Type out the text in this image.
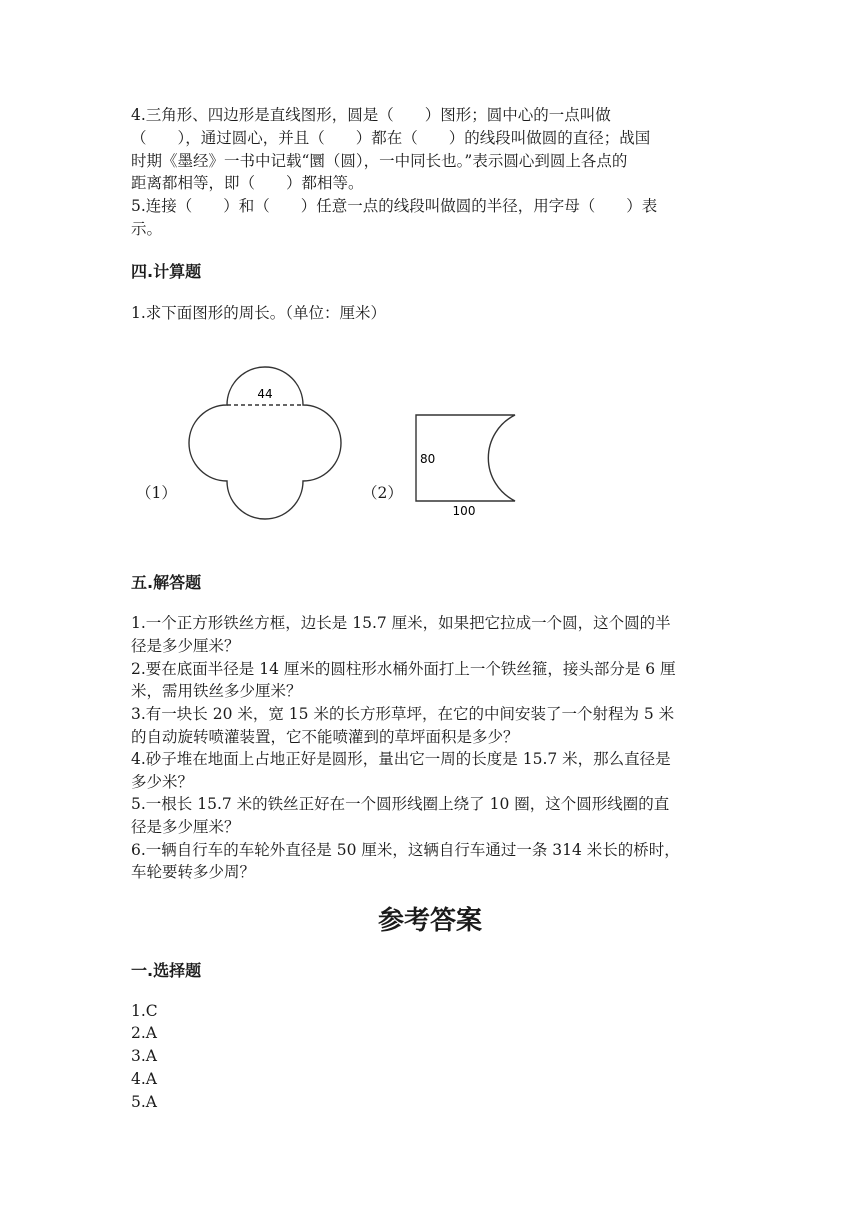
4.三角形、四边形是直线图形，圆是（　　）图形；圆中心的一点叫做
（　　），通过圆心，并且（　　）都在（　　）的线段叫做圆的直径；战国
时期《墨经》一书中记载“圜（圆），一中同长也。”表示圆心到圆上各点的
距离都相等，即（　　）都相等。
5.连接（　　）和（　　）任意一点的线段叫做圆的半径，用字母（　　）表
示。
四.计算题
1.求下面图形的周长。（单位：厘米）
（1）
44
（2）
80
100
五.解答题
1.一个正方形铁丝方框，边长是 15.7 厘米，如果把它拉成一个圆，这个圆的半
径是多少厘米？
2.要在底面半径是 14 厘米的圆柱形水桶外面打上一个铁丝箍，接头部分是 6 厘
米，需用铁丝多少厘米？
3.有一块长 20 米，宽 15 米的长方形草坪，在它的中间安装了一个射程为 5 米
的自动旋转喷灌装置，它不能喷灌到的草坪面积是多少？
4.砂子堆在地面上占地正好是圆形，量出它一周的长度是 15.7 米，那么直径是
多少米？
5.一根长 15.7 米的铁丝正好在一个圆形线圈上绕了 10 圈，这个圆形线圈的直
径是多少厘米？
6.一辆自行车的车轮外直径是 50 厘米，这辆自行车通过一条 314 米长的桥时，
车轮要转多少周？
参考答案
一.选择题
1.C
2.A
3.A
4.A
5.A
